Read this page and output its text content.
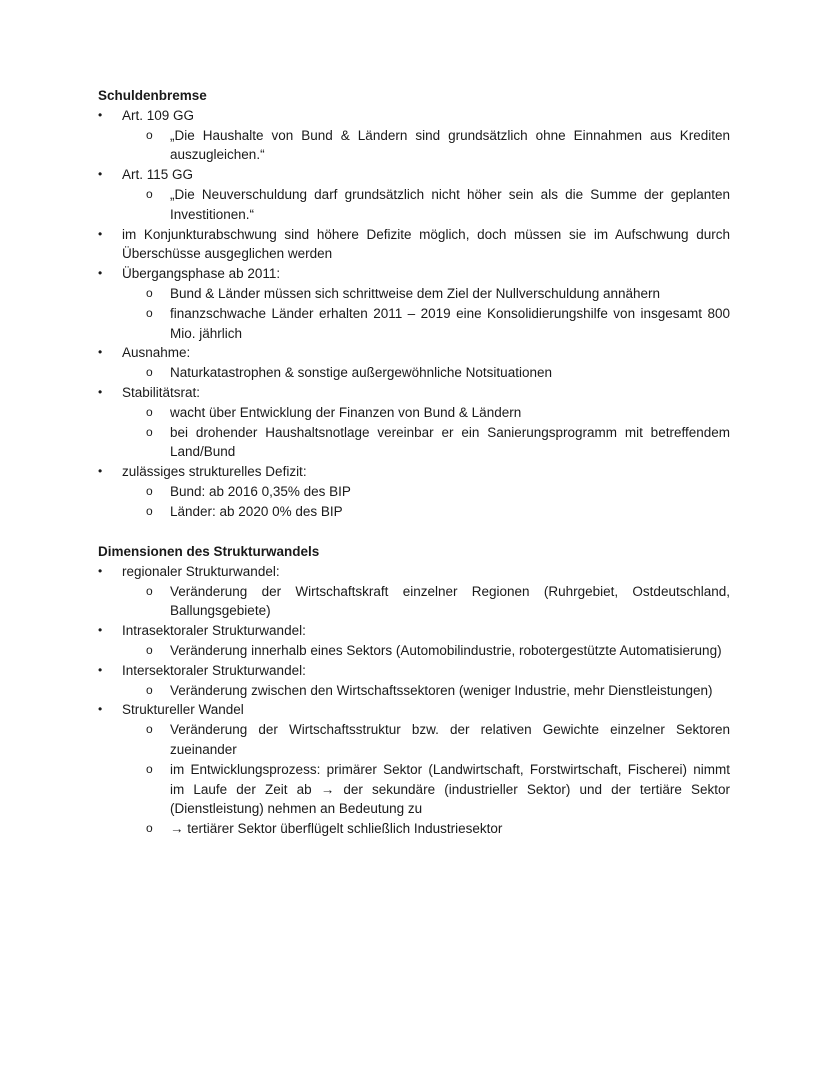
Schuldenbremse

•	Art. 109 GG
o „Die Haushalte von Bund & Ländern sind grundsätzlich ohne Einnahmen aus Krediten auszugleichen.“
•	Art. 115 GG
o „Die Neuverschuldung darf grundsätzlich nicht höher sein als die Summe der geplanten Investitionen.“
•	im Konjunkturabschwung sind höhere Defizite möglich, doch müssen sie im Aufschwung durch Überschüsse ausgeglichen werden
•	Übergangsphase ab 2011:
o Bund & Länder müssen sich schrittweise dem Ziel der Nullverschuldung annähern
o finanzschwache Länder erhalten 2011 – 2019 eine Konsolidierungshilfe von insgesamt 800 Mio. jährlich
•	Ausnahme:
o Naturkatastrophen & sonstige außergewöhnliche Notsituationen
•	Stabilitätsrat:
o wacht über Entwicklung der Finanzen von Bund & Ländern
o bei drohender Haushaltsnotlage vereinbar er ein Sanierungsprogramm mit betreffendem Land/Bund
•	zulässiges strukturelles Defizit:
o Bund: ab 2016 0,35% des BIP
o Länder: ab 2020 0% des BIP

Dimensionen des Strukturwandels

•	regionaler Strukturwandel:
o Veränderung der Wirtschaftskraft einzelner Regionen (Ruhrgebiet, Ostdeutschland, Ballungsgebiete)
•	Intrasektoraler Strukturwandel:
o Veränderung innerhalb eines Sektors (Automobilindustrie, robotergestützte Automatisierung)
•	Intersektoraler Strukturwandel:
o Veränderung zwischen den Wirtschaftssektoren (weniger Industrie, mehr Dienstleistungen)
•	Struktureller Wandel
o Veränderung der Wirtschaftsstruktur bzw. der relativen Gewichte einzelner Sektoren zueinander
o im Entwicklungsprozess: primärer Sektor (Landwirtschaft, Forstwirtschaft, Fischerei) nimmt im Laufe der Zeit ab → der sekundäre (industrieller Sektor) und der tertiäre Sektor (Dienstleistung) nehmen an Bedeutung zu
o → tertiärer Sektor überflügelt schließlich Industriesektor
